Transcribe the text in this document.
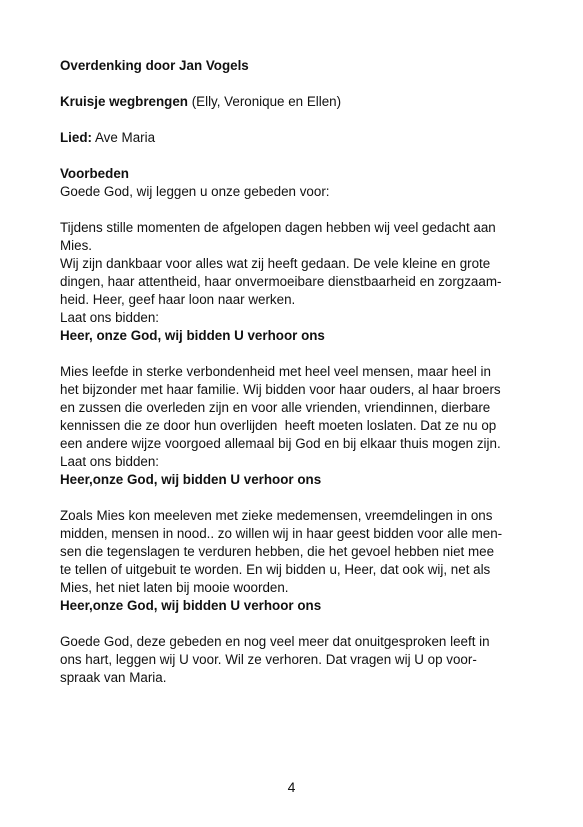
Overdenking door Jan Vogels

Kruisje wegbrengen (Elly, Veronique en Ellen)

Lied: Ave Maria

Voorbeden
Goede God, wij leggen u onze gebeden voor:
Tijdens stille momenten de afgelopen dagen hebben wij veel gedacht aan
Mies.
Wij zijn dankbaar voor alles wat zij heeft gedaan. De vele kleine en grote
dingen, haar attentheid, haar onvermoeibare dienstbaarheid en zorgzaam-
heid. Heer, geef haar loon naar werken.
Laat ons bidden:
Heer, onze God, wij bidden U verhoor ons
Mies leefde in sterke verbondenheid met heel veel mensen, maar heel in
het bijzonder met haar familie. Wij bidden voor haar ouders, al haar broers
en zussen die overleden zijn en voor alle vrienden, vriendinnen, dierbare
kennissen die ze door hun overlijden  heeft moeten loslaten. Dat ze nu op
een andere wijze voorgoed allemaal bij God en bij elkaar thuis mogen zijn.
Laat ons bidden:
Heer,onze God, wij bidden U verhoor ons
Zoals Mies kon meeleven met zieke medemensen, vreemdelingen in ons
midden, mensen in nood.. zo willen wij in haar geest bidden voor alle men-
sen die tegenslagen te verduren hebben, die het gevoel hebben niet mee
te tellen of uitgebuit te worden. En wij bidden u, Heer, dat ook wij, net als
Mies, het niet laten bij mooie woorden.
Heer,onze God, wij bidden U verhoor ons
Goede God, deze gebeden en nog veel meer dat onuitgesproken leeft in
ons hart, leggen wij U voor. Wil ze verhoren. Dat vragen wij U op voor-
spraak van Maria.
4
